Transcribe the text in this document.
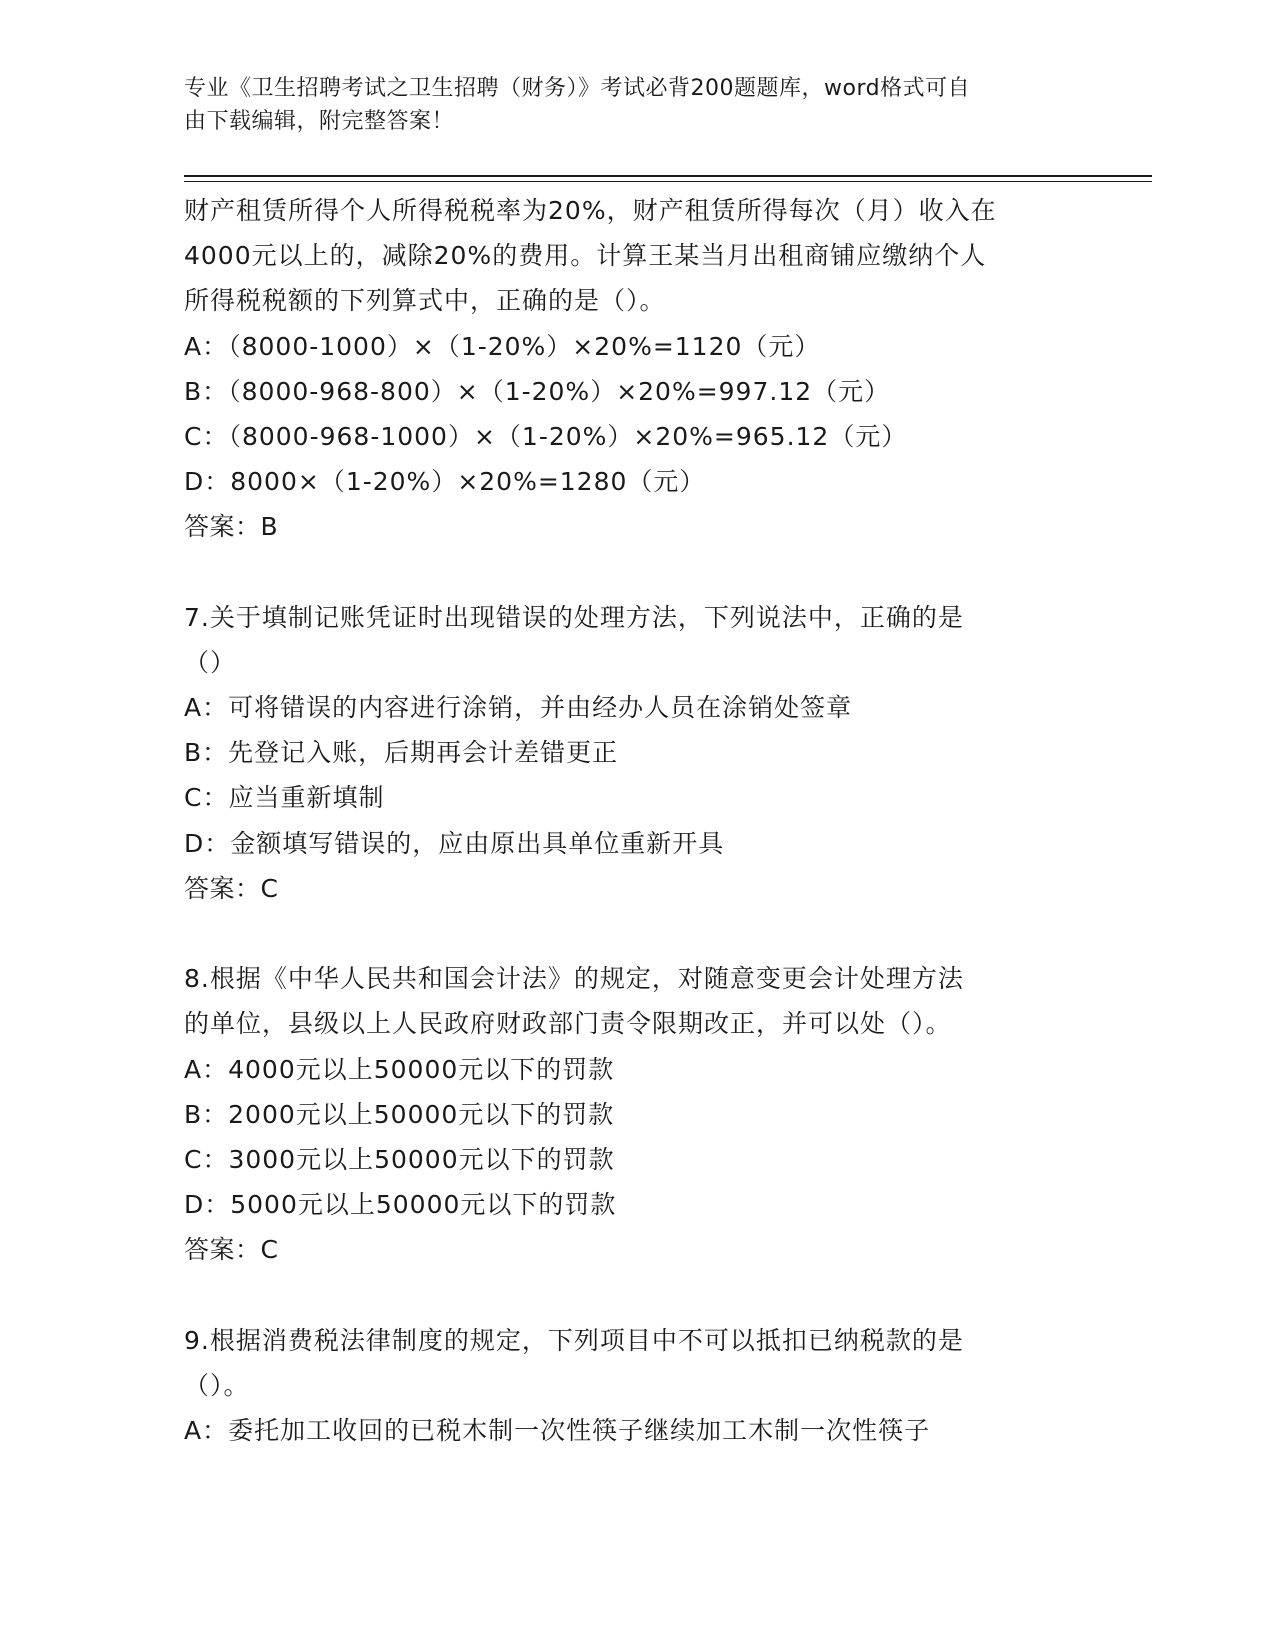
专业《卫生招聘考试之卫生招聘（财务）》考试必背200题题库，word格式可自
由下载编辑，附完整答案！
财产租赁所得个人所得税税率为20%，财产租赁所得每次（月）收入在
4000元以上的，减除20%的费用。计算王某当月出租商铺应缴纳个人
所得税税额的下列算式中，正确的是（）。
A：（8000-1000）×（1-20%）×20%=1120（元）
B：（8000-968-800）×（1-20%）×20%=997.12（元）
C：（8000-968-1000）×（1-20%）×20%=965.12（元）
D：8000×（1-20%）×20%=1280（元）
答案：B
7.关于填制记账凭证时出现错误的处理方法，下列说法中，正确的是
（）
A：可将错误的内容进行涂销，并由经办人员在涂销处签章
B：先登记入账，后期再会计差错更正
C：应当重新填制
D：金额填写错误的，应由原出具单位重新开具
答案：C
8.根据《中华人民共和国会计法》的规定，对随意变更会计处理方法
的单位，县级以上人民政府财政部门责令限期改正，并可以处（）。
A：4000元以上50000元以下的罚款
B：2000元以上50000元以下的罚款
C：3000元以上50000元以下的罚款
D：5000元以上50000元以下的罚款
答案：C
9.根据消费税法律制度的规定，下列项目中不可以抵扣已纳税款的是
（）。
A：委托加工收回的已税木制一次性筷子继续加工木制一次性筷子
